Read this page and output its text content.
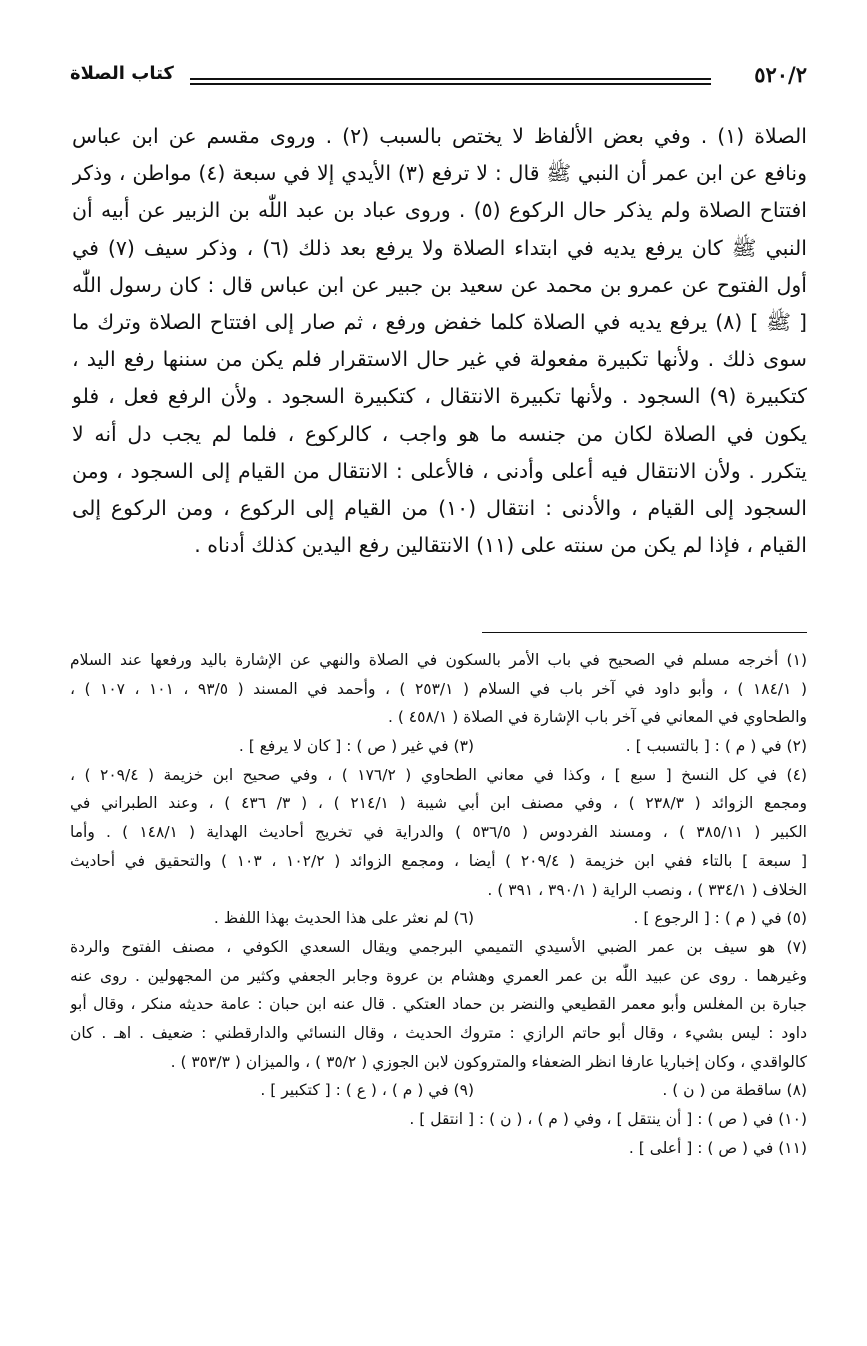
٥٢٠/٢
كتاب الصلاة
الصلاة (١) . وفي بعض الألفاظ لا يختص بالسبب (٢) . وروى مقسم عن ابن عباس
ونافع عن ابن عمر أن النبي ﷺ قال : لا ترفع (٣) الأيدي إلا في سبعة (٤) مواطن ، وذكر
افتتاح الصلاة ولم يذكر حال الركوع (٥) . وروى عباد بن عبد اللّٰه بن الزبير عن أبيه أن
النبي ﷺ كان يرفع يديه في ابتداء الصلاة ولا يرفع بعد ذلك (٦) ، وذكر سيف (٧) في
أول الفتوح عن عمرو بن محمد عن سعيد بن جبير عن ابن عباس قال : كان رسول اللّٰه
[ ﷺ ] (٨) يرفع يديه في الصلاة كلما خفض ورفع ، ثم صار إلى افتتاح الصلاة وترك ما
سوى ذلك . ولأنها تكبيرة مفعولة في غير حال الاستقرار فلم يكن من سننها رفع اليد ،
كتكبيرة (٩) السجود . ولأنها تكبيرة الانتقال ، كتكبيرة السجود . ولأن الرفع فعل ، فلو
يكون في الصلاة لكان من جنسه ما هو واجب ، كالركوع ، فلما لم يجب دل أنه لا
يتكرر . ولأن الانتقال فيه أعلى وأدنى ، فالأعلى : الانتقال من القيام إلى السجود ، ومن
السجود إلى القيام ، والأدنى : انتقال (١٠) من القيام إلى الركوع ، ومن الركوع إلى
القيام ، فإذا لم يكن من سنته على (١١) الانتقالين رفع اليدين كذلك أدناه .
(١) أخرجه مسلم في الصحيح في باب الأمر بالسكون في الصلاة والنهي عن الإشارة باليد ورفعها عند السلام
( ١٨٤/١ ) ، وأبو داود في آخر باب في السلام ( ٢٥٣/١ ) ، وأحمد في المسند ( ٩٣/٥ ، ١٠١ ، ١٠٧ ) ،
والطحاوي في المعاني في آخر باب الإشارة في الصلاة ( ٤٥٨/١ ) .
(٢) في ( م ) : [ بالتسبب ] .
(٣) في غير ( ص ) : [ كان لا يرفع ] .
(٤) في كل النسخ [ سبع ] ، وكذا في معاني الطحاوي ( ١٧٦/٢ ) ، وفي صحيح ابن خزيمة ( ٢٠٩/٤ ) ،
ومجمع الزوائد ( ٢٣٨/٣ ) ، وفي مصنف ابن أبي شيبة ( ٢١٤/١ ) ، ( ٣/ ٤٣٦ ) ، وعند الطبراني في
الكبير ( ٣٨٥/١١ ) ، ومسند الفردوس ( ٥٣٦/٥ ) والدراية في تخريج أحاديث الهداية ( ١٤٨/١ ) . وأما
[ سبعة ] بالتاء ففي ابن خزيمة ( ٢٠٩/٤ ) أيضا ، ومجمع الزوائد ( ١٠٢/٢ ، ١٠٣ ) والتحقيق في أحاديث
الخلاف ( ٣٣٤/١ ) ، ونصب الراية ( ٣٩٠/١ ، ٣٩١ ) .
(٥) في ( م ) : [ الرجوع ] .
(٦) لم نعثر على هذا الحديث بهذا اللفظ .
(٧) هو سيف بن عمر الضبي الأسيدي التميمي البرجمي ويقال السعدي الكوفي ، مصنف الفتوح والردة
وغيرهما . روى عن عبيد اللّٰه بن عمر العمري وهشام بن عروة وجابر الجعفي وكثير من المجهولين . روى عنه
جبارة بن المغلس وأبو معمر القطيعي والنضر بن حماد العتكي . قال عنه ابن حبان : عامة حديثه منكر ، وقال أبو
داود : ليس بشيء ، وقال أبو حاتم الرازي : متروك الحديث ، وقال النسائي والدارقطني : ضعيف . اهـ . كان
كالواقدي ، وكان إخباريا عارفا انظر الضعفاء والمتروكون لابن الجوزي ( ٣٥/٢ ) ، والميزان ( ٣٥٣/٣ ) .
(٨) ساقطة من ( ن ) .
(٩) في ( م ) ، ( ع ) : [ كتكبير ] .
(١٠) في ( ص ) : [ أن ينتقل ] ، وفي ( م ) ، ( ن ) : [ انتقل ] .
(١١) في ( ص ) : [ أعلى ] .
